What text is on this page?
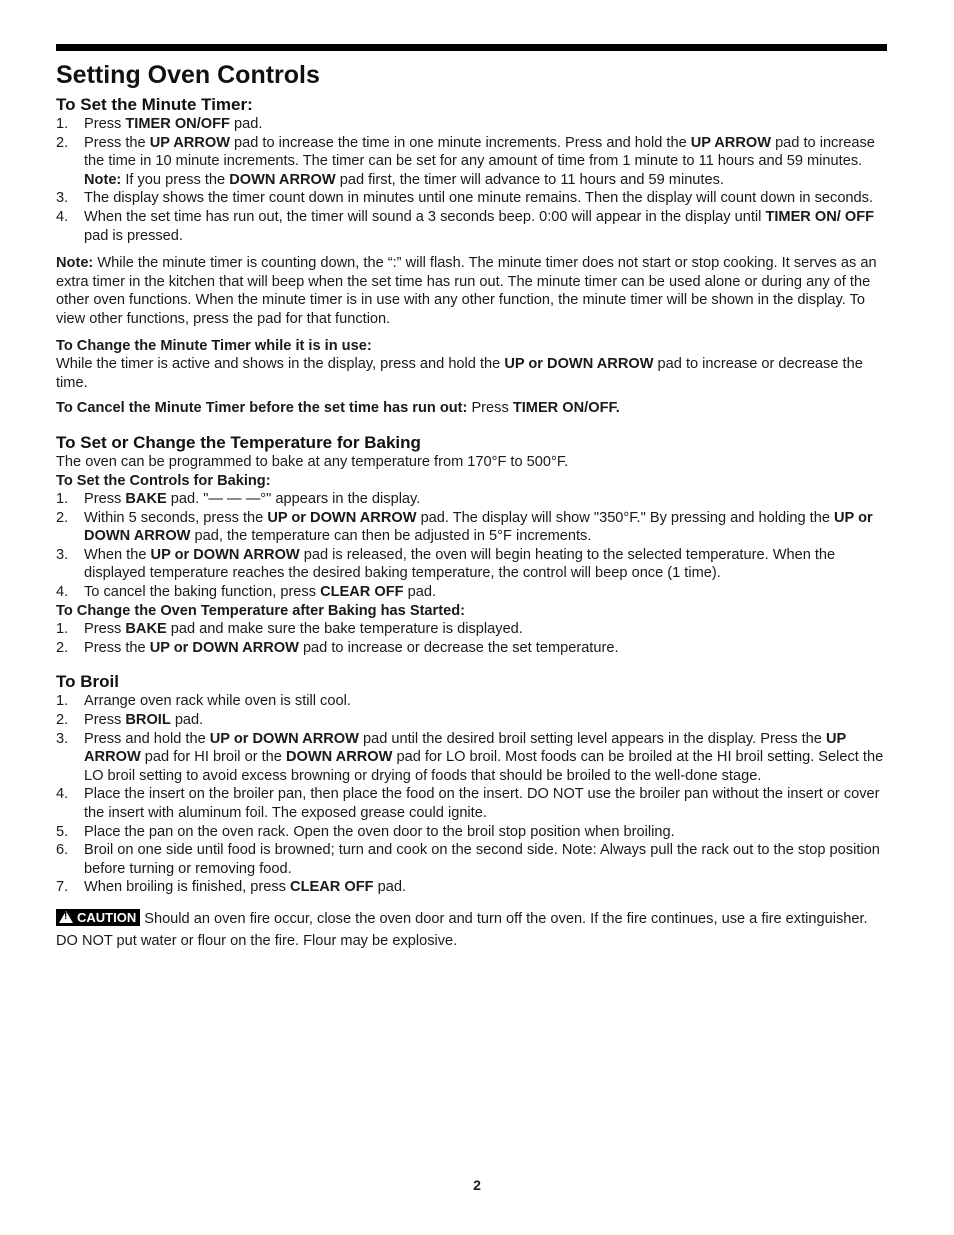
Setting Oven Controls
To Set the Minute Timer:
1. Press TIMER ON/OFF pad.
2. Press the UP ARROW pad to increase the time in one minute increments. Press and hold the UP ARROW pad to increase the time in 10 minute increments. The timer can be set for any amount of time from 1 minute to 11 hours and 59 minutes. Note: If you press the DOWN ARROW pad first, the timer will advance to 11 hours and 59 minutes.
3. The display shows the timer count down in minutes until one minute remains. Then the display will count down in seconds.
4. When the set time has run out, the timer will sound a 3 seconds beep. 0:00 will appear in the display until TIMER ON/ OFF pad is pressed.

Note: While the minute timer is counting down, the “:” will flash. The minute timer does not start or stop cooking. It serves as an extra timer in the kitchen that will beep when the set time has run out. The minute timer can be used alone or during any of the other oven functions. When the minute timer is in use with any other function, the minute timer will be shown in the display. To view other functions, press the pad for that function.

To Change the Minute Timer while it is in use:

While the timer is active and shows in the display, press and hold the UP or DOWN ARROW pad to increase or decrease the time.

To Cancel the Minute Timer before the set time has run out: Press TIMER ON/OFF.

To Set or Change the Temperature for Baking

The oven can be programmed to bake at any temperature from 170°F to 500°F.

To Set the Controls for Baking:
1. Press BAKE pad. "— — —°" appears in the display.
2. Within 5 seconds, press the UP or DOWN ARROW pad. The display will show "350°F." By pressing and holding the UP or DOWN ARROW pad, the temperature can then be adjusted in 5°F increments.
3. When the UP or DOWN ARROW pad is released, the oven will begin heating to the selected temperature. When the displayed temperature reaches the desired baking temperature, the control will beep once (1 time).
4. To cancel the baking function, press CLEAR OFF pad.
To Change the Oven Temperature after Baking has Started:
1. Press BAKE pad and make sure the bake temperature is displayed.
2. Press the UP or DOWN ARROW pad to increase or decrease the set temperature.
To Broil
1. Arrange oven rack while oven is still cool.
2. Press BROIL pad.
3. Press and hold the UP or DOWN ARROW pad until the desired broil setting level appears in the display. Press the UP ARROW pad for HI broil or the DOWN ARROW pad for LO broil. Most foods can be broiled at the HI broil setting. Select the LO broil setting to avoid excess browning or drying of foods that should be broiled to the well-done stage.
4. Place the insert on the broiler pan, then place the food on the insert. DO NOT use the broiler pan without the insert or cover the insert with aluminum foil. The exposed grease could ignite.
5. Place the pan on the oven rack. Open the oven door to the broil stop position when broiling.
6. Broil on one side until food is browned; turn and cook on the second side. Note: Always pull the rack out to the stop position before turning or removing food.
7. When broiling is finished, press CLEAR OFF pad.

!CAUTION Should an oven fire occur, close the oven door and turn off the oven. If the fire continues, use a fire extinguisher. DO NOT put water or flour on the fire. Flour may be explosive.

2
